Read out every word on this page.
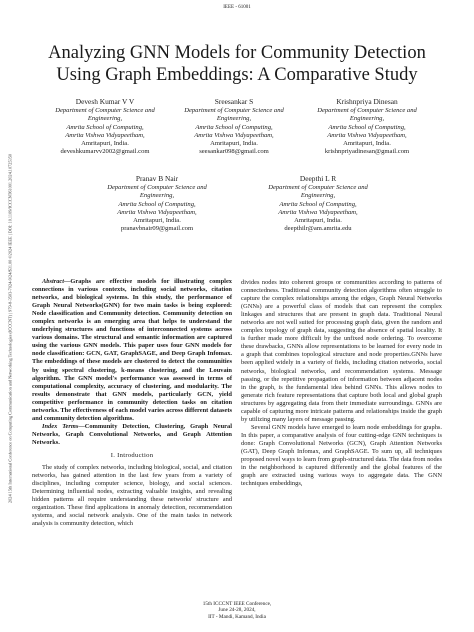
IEEE - 61001
2024 15th International Conference on Computing Communication and Networking Technologies (ICCCNT) | 979-8-3503-7024-9/24/$31.00 ©2024 IEEE | DOI: 10.1109/ICCCNT61001.2024.10725350
Analyzing GNN Models for Community Detection
Using Graph Embeddings: A Comparative Study
Devesh Kumar V V
Department of Computer Science and
Engineering,
Amrita School of Computing,
Amrita Vishwa Vidyapeetham,
Amritapuri, India.
deveshkumarvv2002@gmail.com
Sreesankar S
Department of Computer Science and
Engineering,
Amrita School of Computing,
Amrita Vishwa Vidyapeetham,
Amritapuri, India.
seesankar098@gmail.com
Krishnpriya Dinesan
Department of Computer Science and
Engineering,
Amrita School of Computing,
Amrita Vishwa Vidyapeetham,
Amritapuri, India.
krishnpriyadinesan@gmail.com
Pranav B Nair
Department of Computer Science and
Engineering,
Amrita School of Computing,
Amrita Vishwa Vidyapeetham,
Amritapuri, India.
pranavbnair09@gmail.com
Deepthi L R
Department of Computer Science and
Engineering,
Amrita School of Computing,
Amrita Vishwa Vidyapeetham,
Amritapuri, India.
deepthilr@am.amrita.edu

Abstract—Graphs are effective models for illustrating complex connections in various contexts, including social networks, citation networks, and biological systems. In this study, the performance of Graph Neural Networks(GNN) for two main tasks is being explored: Node classification and Community detection. Community detection on complex networks is an emerging area that helps to understand the underlying structures and functions of interconnected systems across various domains. The structural and semantic information are captured using the various GNN models. This paper uses four GNN models for node classification: GCN, GAT, GraphSAGE, and Deep Graph Infomax. The embeddings of these models are clustered to detect the communities by using spectral clustering, k-means clustering, and the Louvain algorithm. The GNN model's performance was assessed in terms of computational complexity, accuracy of clustering, and modularity. The results demonstrate that GNN models, particularly GCN, yield competitive performance in community detection tasks on citation networks. The effectiveness of each model varies across different datasets and community detection algorithms.

Index Terms—Community Detection, Clustering, Graph Neural Networks, Graph Convolutional Networks, and Graph Attention Networks.

I. Introduction

The study of complex networks, including biological, social, and citation networks, has gained attention in the last few years from a variety of disciplines, including computer science, biology, and social sciences. Determining influential nodes, extracting valuable insights, and revealing hidden patterns all require understanding these networks' structure and organization. These find applications in anomaly detection, recommendation systems, and social network analysis. One of the main tasks in network analysis is community detection, which

divides nodes into coherent groups or communities according to patterns of connectedness. Traditional community detection algorithms often struggle to capture the complex relationships among the edges, Graph Neural Networks (GNNs) are a powerful class of models that can represent the complex linkages and structures that are present in graph data. Traditional Neural networks are not well suited for processing graph data, given the random and complex topology of graph data, suggesting the absence of spatial locality. It is further made more difficult by the unfixed node ordering. To overcome these drawbacks, GNNs allow representations to be learned for every node in a graph that combines topological structure and node properties.GNNs have been applied widely in a variety of fields, including citation networks, social networks, biological networks, and recommendation systems. Message passing, or the repetitive propagation of information between adjacent nodes in the graph, is the fundamental idea behind GNNs. This allows nodes to generate rich feature representations that capture both local and global graph structures by aggregating data from their immediate surroundings. GNNs are capable of capturing more intricate patterns and relationships inside the graph by utilizing many layers of message passing.

Several GNN models have emerged to learn node embeddings for graphs. In this paper, a comparative analysis of four cutting-edge GNN techniques is done: Graph Convolutional Networks (GCN), Graph Attention Networks (GAT), Deep Graph Infomax, and GraphSAGE. To sum up, all techniques proposed novel ways to learn from graph-structured data. The data from nodes in the neighborhood is captured differently and the global features of the graph are extracted using various ways to aggregate data. The GNN techniques embeddings,

15th ICCCNT IEEE Conference,
June 24-28, 2024,
IIT - Mandi, Kamand, India
